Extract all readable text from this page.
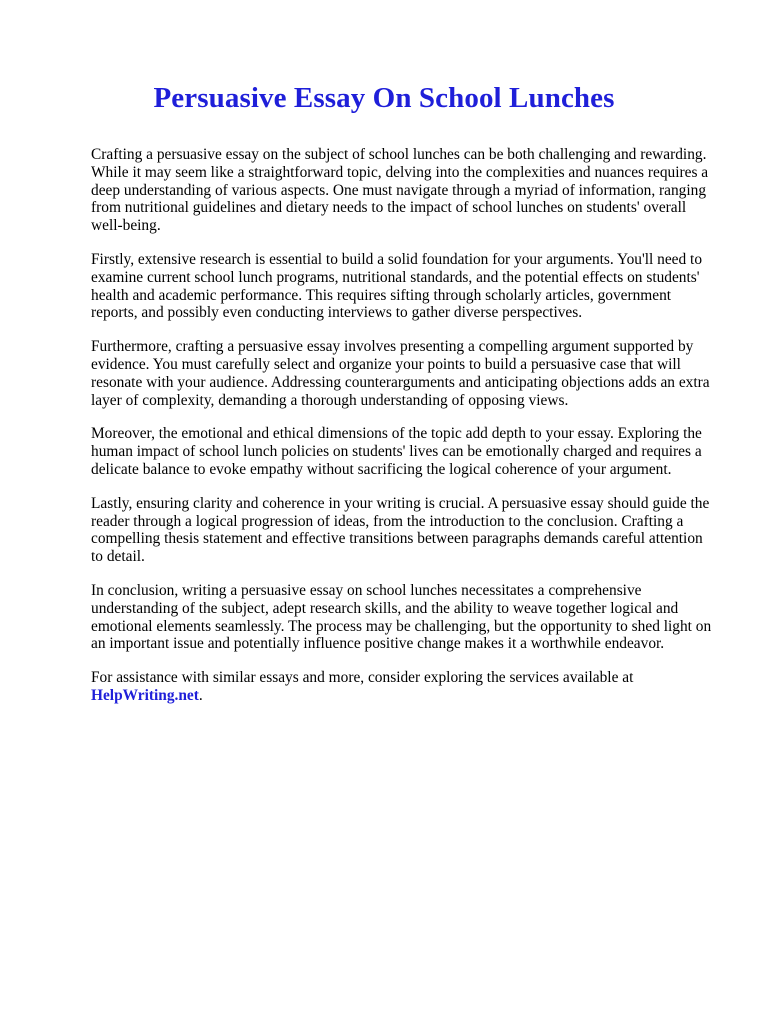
Persuasive Essay On School Lunches

Crafting a persuasive essay on the subject of school lunches can be both challenging and rewarding. While it may seem like a straightforward topic, delving into the complexities and nuances requires a deep understanding of various aspects. One must navigate through a myriad of information, ranging from nutritional guidelines and dietary needs to the impact of school lunches on students' overall well-being.

Firstly, extensive research is essential to build a solid foundation for your arguments. You'll need to examine current school lunch programs, nutritional standards, and the potential effects on students' health and academic performance. This requires sifting through scholarly articles, government reports, and possibly even conducting interviews to gather diverse perspectives.

Furthermore, crafting a persuasive essay involves presenting a compelling argument supported by evidence. You must carefully select and organize your points to build a persuasive case that will resonate with your audience. Addressing counterarguments and anticipating objections adds an extra layer of complexity, demanding a thorough understanding of opposing views.

Moreover, the emotional and ethical dimensions of the topic add depth to your essay. Exploring the human impact of school lunch policies on students' lives can be emotionally charged and requires a delicate balance to evoke empathy without sacrificing the logical coherence of your argument.

Lastly, ensuring clarity and coherence in your writing is crucial. A persuasive essay should guide the reader through a logical progression of ideas, from the introduction to the conclusion. Crafting a compelling thesis statement and effective transitions between paragraphs demands careful attention to detail.

In conclusion, writing a persuasive essay on school lunches necessitates a comprehensive understanding of the subject, adept research skills, and the ability to weave together logical and emotional elements seamlessly. The process may be challenging, but the opportunity to shed light on an important issue and potentially influence positive change makes it a worthwhile endeavor.

For assistance with similar essays and more, consider exploring the services available at
HelpWriting.net.
